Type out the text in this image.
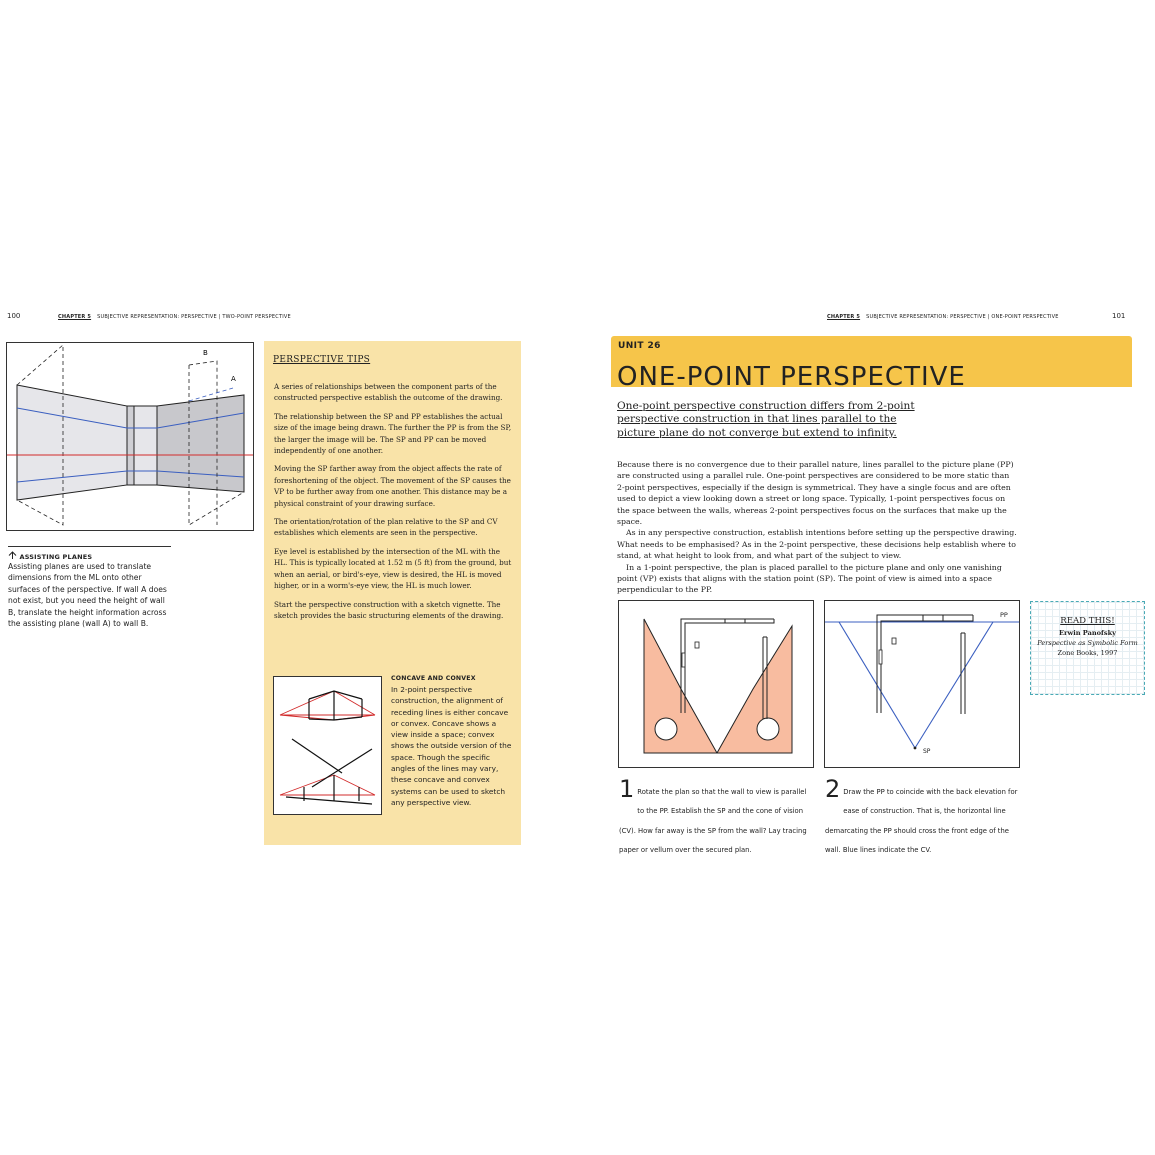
100	CHAPTER 5 SUBJECTIVE REPRESENTATION: PERSPECTIVE | TWO-POINT PERSPECTIVE
B
A
ASSISTING PLANES
Assisting planes are used to translate dimensions from the ML onto other surfaces of the perspective. If wall A does not exist, but you need the height of wall B, translate the height information across the assisting plane (wall A) to wall B.
PERSPECTIVE TIPS

A series of relationships between the component parts of the constructed perspective establish the outcome of the drawing.

The relationship between the SP and PP establishes the actual size of the image being drawn. The further the PP is from the SP, the larger the image will be. The SP and PP can be moved independently of one another.

Moving the SP farther away from the object affects the rate of foreshortening of the object. The movement of the SP causes the VP to be further away from one another. This distance may be a physical constraint of your drawing surface.

The orientation/rotation of the plan relative to the SP and CV establishes which elements are seen in the perspective.

Eye level is established by the intersection of the ML with the HL. This is typically located at 1.52 m (5 ft) from the ground, but when an aerial, or bird's-eye, view is desired, the HL is moved higher, or in a worm's-eye view, the HL is much lower.

Start the perspective construction with a sketch vignette. The sketch provides the basic structuring elements of the drawing.

CONCAVE AND CONVEX
In 2-point perspective construction, the alignment of receding lines is either concave or convex. Concave shows a view inside a space; convex shows the outside version of the space. Though the specific angles of the lines may vary, these concave and convex systems can be used to sketch any perspective view.
CHAPTER 5 SUBJECTIVE REPRESENTATION: PERSPECTIVE | ONE-POINT PERSPECTIVE	101
UNIT 26
ONE-POINT PERSPECTIVE
One-point perspective construction differs from 2-point perspective construction in that lines parallel to the picture plane do not converge but extend to infinity.
Because there is no convergence due to their parallel nature, lines parallel to the picture plane (PP) are constructed using a parallel rule. One-point perspectives are considered to be more static than 2-point perspectives, especially if the design is symmetrical. They have a single focus and are often used to depict a view looking down a street or long space. Typically, 1-point perspectives focus on the space between the walls, whereas 2-point perspectives focus on the surfaces that make up the space.
As in any perspective construction, establish intentions before setting up the perspective drawing. What needs to be emphasised? As in the 2-point perspective, these decisions help establish where to stand, at what height to look from, and what part of the subject to view.
In a 1-point perspective, the plan is placed parallel to the picture plane and only one vanishing point (VP) exists that aligns with the station point (SP). The point of view is aimed into a space perpendicular to the PP.
PP
SP
1 Rotate the plan so that the wall to view is parallel to the PP. Establish the SP and the cone of vision (CV). How far away is the SP from the wall? Lay tracing paper or vellum over the secured plan.
2 Draw the PP to coincide with the back elevation for ease of construction. That is, the horizontal line demarcating the PP should cross the front edge of the wall. Blue lines indicate the CV.
READ THIS!
Erwin Panofsky
Perspective as Symbolic Form
Zone Books, 1997
